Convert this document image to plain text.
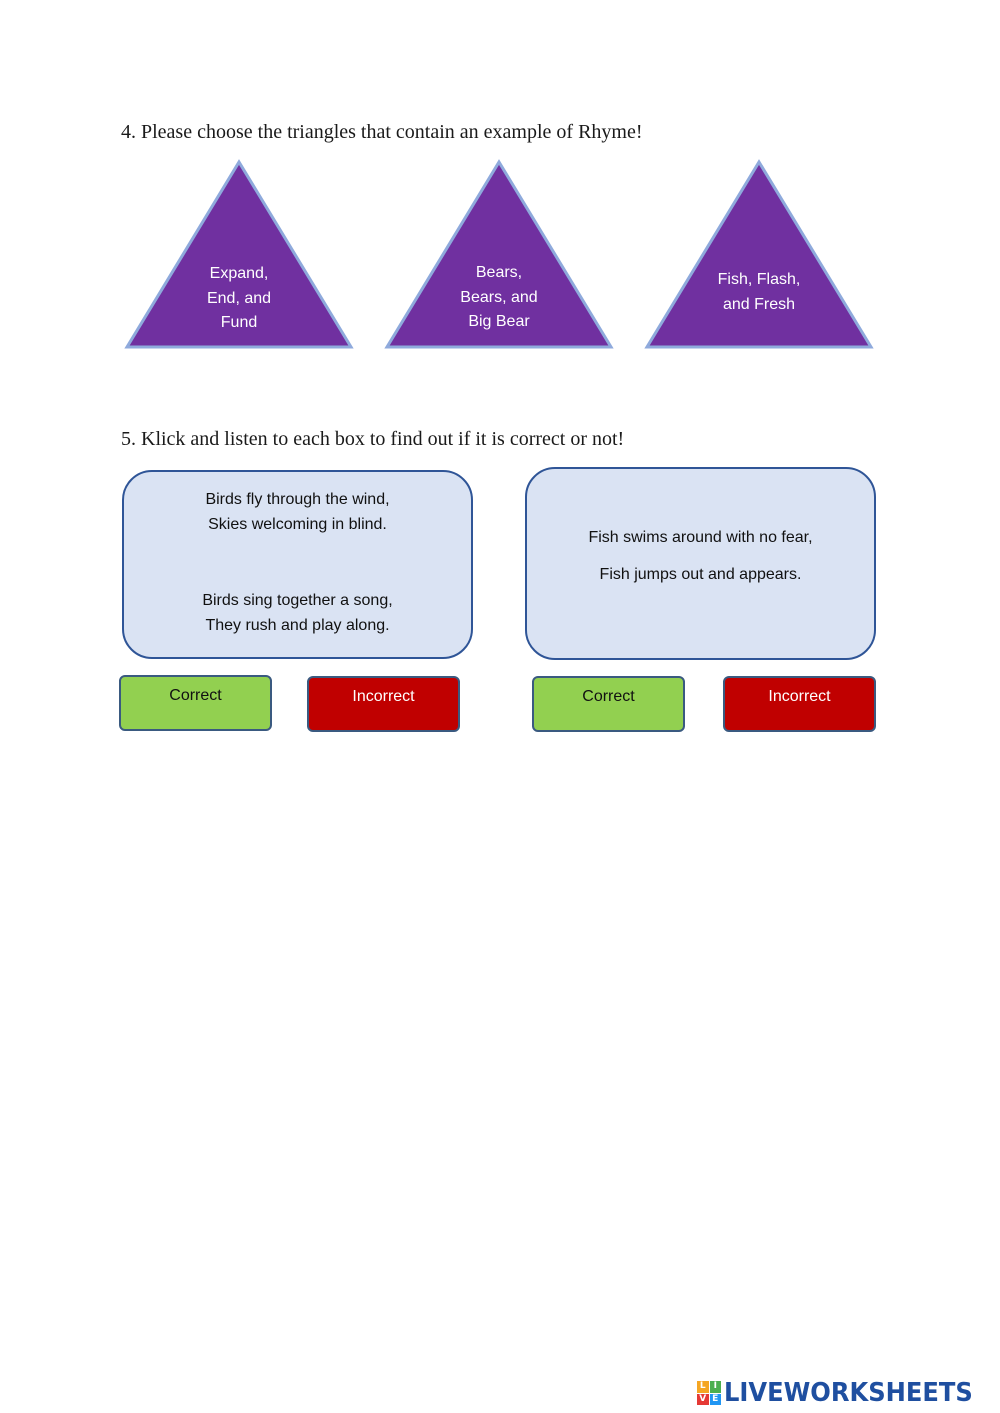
4. Please choose the triangles that contain an example of Rhyme!
Expand,
End, and
Fund
Bears,
Bears, and
Big Bear
Fish, Flash,
and Fresh
5. Klick and listen to each box to find out if it is correct or not!
Birds fly through the wind,
Skies welcoming in blind.
Birds sing together a song,
They rush and play along.
Fish swims around with no fear,
Fish jumps out and appears.
Correct	Incorrect	Correct	Incorrect
L I
V E LIVEWORKSHEETS
